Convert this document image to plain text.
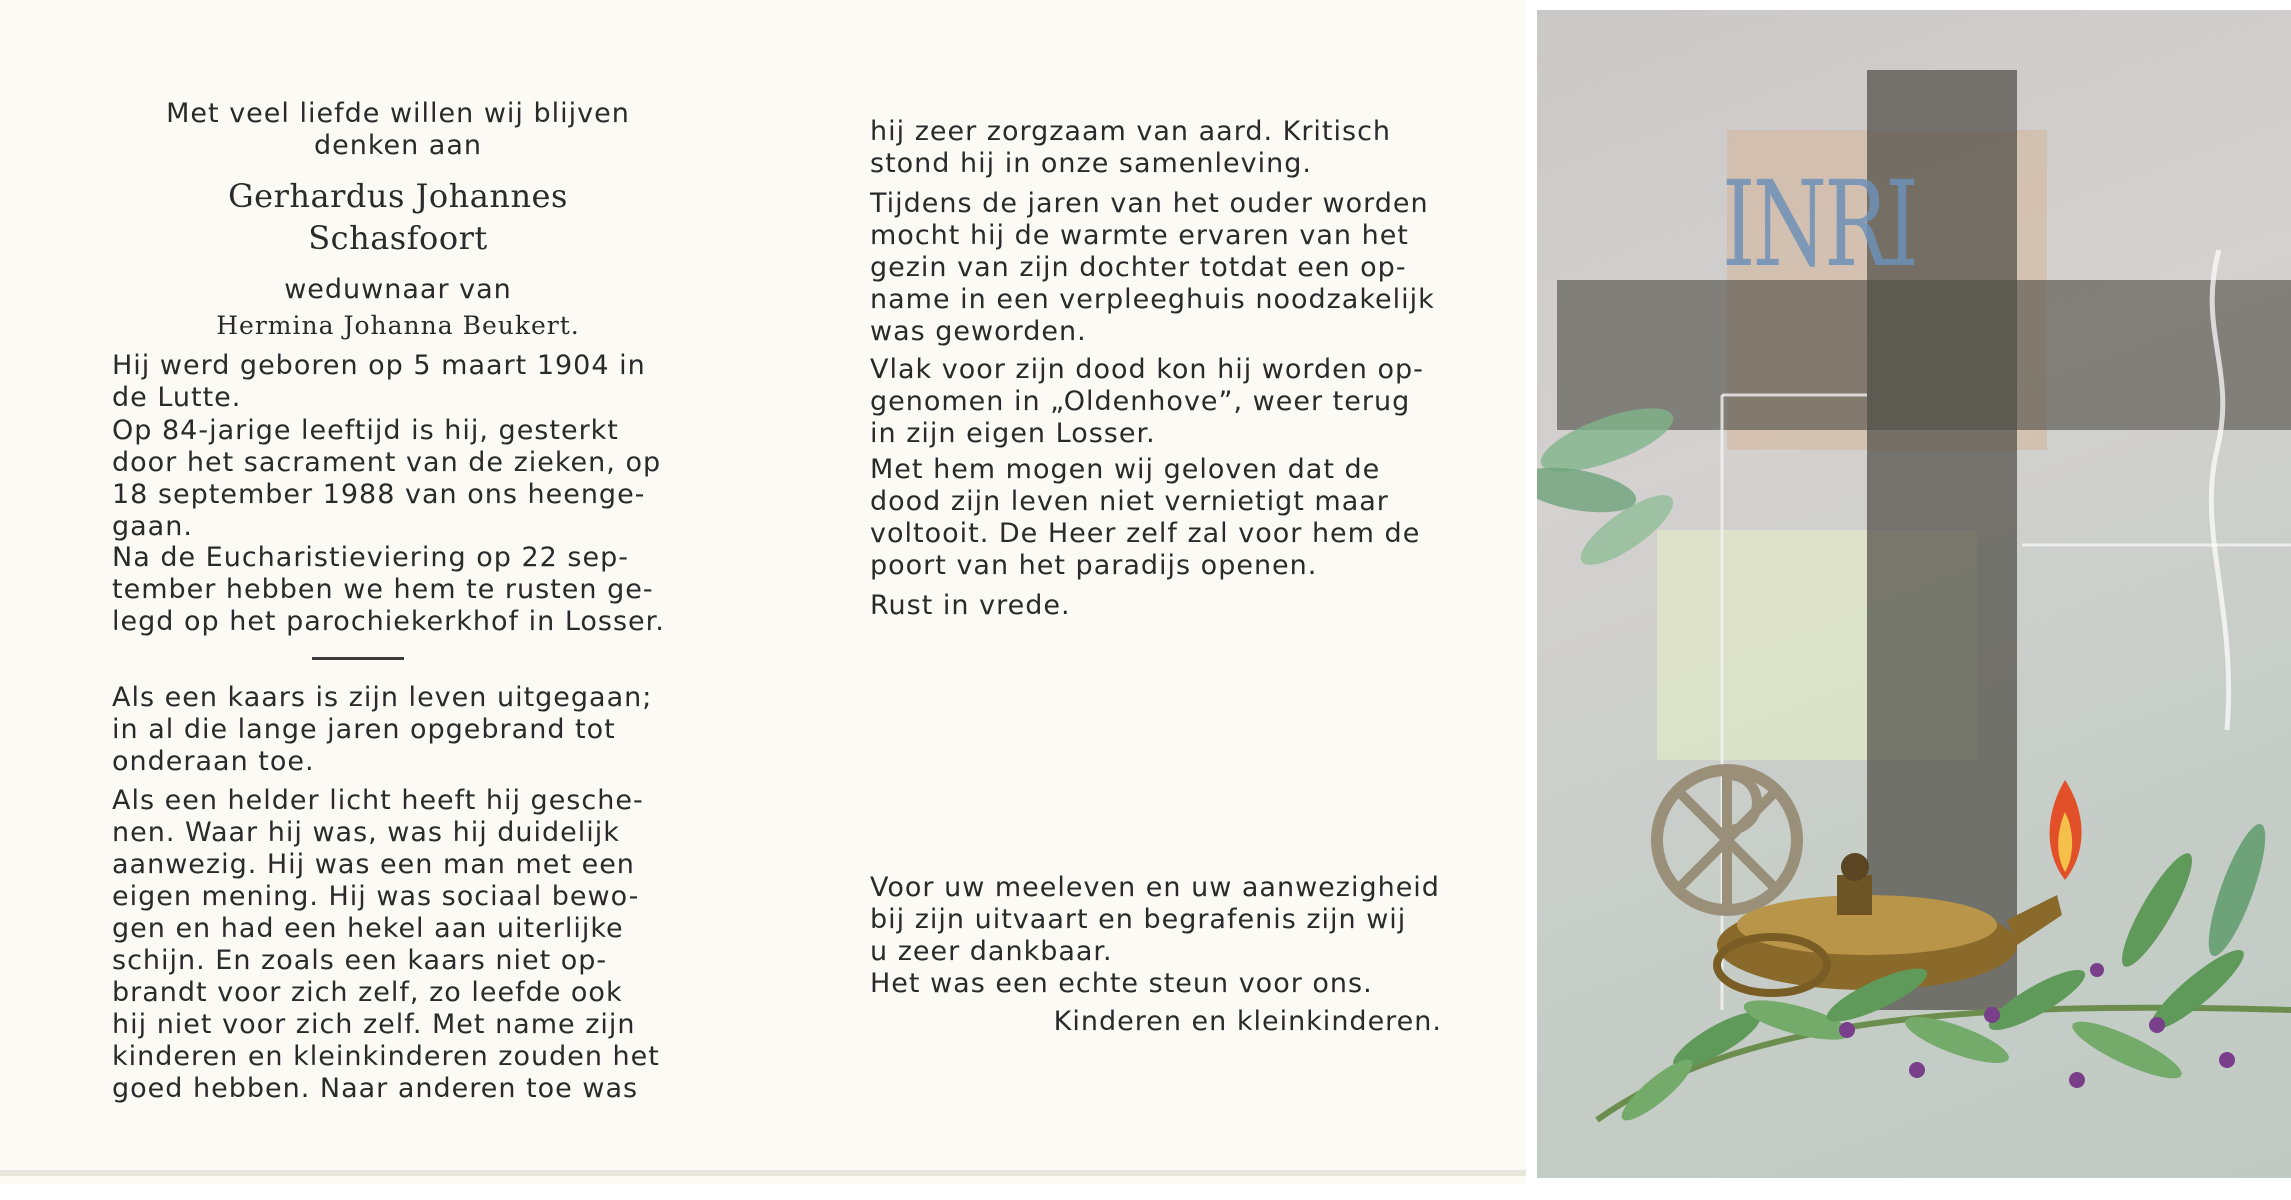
Met veel liefde willen wij blijven

denken aan

Gerhardus Johannes
Schasfoort

weduwnaar van

Hermina Johanna Beukert.

Hij werd geboren op 5 maart 1904 in

de Lutte.

Op 84-jarige leeftijd is hij, gesterkt

door het sacrament van de zieken, op

18 september 1988 van ons heenge-

gaan.

Na de Eucharistieviering op 22 sep-

tember hebben we hem te rusten ge-

legd op het parochiekerkhof in Losser.

Als een kaars is zijn leven uitgegaan;

in al die lange jaren opgebrand tot

onderaan toe.

Als een helder licht heeft hij gesche-

nen. Waar hij was, was hij duidelijk

aanwezig. Hij was een man met een

eigen mening. Hij was sociaal bewo-

gen en had een hekel aan uiterlijke

schijn. En zoals een kaars niet op-

brandt voor zich zelf, zo leefde ook

hij niet voor zich zelf. Met name zijn

kinderen en kleinkinderen zouden het

goed hebben. Naar anderen toe was

hij zeer zorgzaam van aard. Kritisch

stond hij in onze samenleving.

Tijdens de jaren van het ouder worden

mocht hij de warmte ervaren van het

gezin van zijn dochter totdat een op-

name in een verpleeghuis noodzakelijk

was geworden.

Vlak voor zijn dood kon hij worden op-

genomen in „Oldenhove”, weer terug

in zijn eigen Losser.

Met hem mogen wij geloven dat de

dood zijn leven niet vernietigt maar

voltooit. De Heer zelf zal voor hem de

poort van het paradijs openen.

Rust in vrede.

Voor uw meeleven en uw aanwezigheid

bij zijn uitvaart en begrafenis zijn wij

u zeer dankbaar.

Het was een echte steun voor ons.

Kinderen en kleinkinderen.

INRI
